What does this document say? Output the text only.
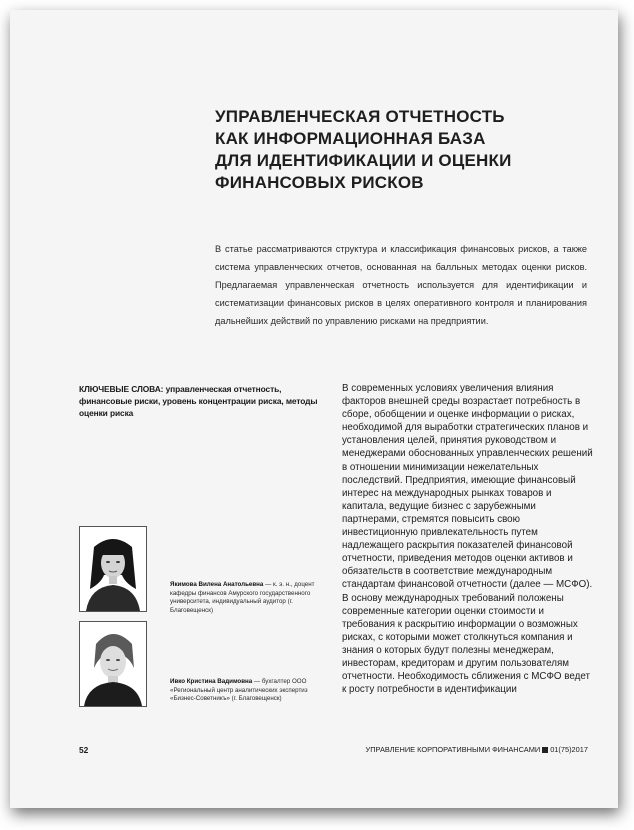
УПРАВЛЕНЧЕСКАЯ ОТЧЕТНОСТЬ
КАК ИНФОРМАЦИОННАЯ БАЗА
ДЛЯ ИДЕНТИФИКАЦИИ И ОЦЕНКИ
ФИНАНСОВЫХ РИСКОВ

В статье рассматриваются структура и классификация финансовых рисков, а также система управленческих отчетов, основанная на балльных методах оценки рисков. Предлагаемая управленческая отчетность используется для идентификации и систематизации финансовых рисков в целях оперативного контроля и планирования дальнейших действий по управлению рисками на предприятии.

КЛЮЧЕВЫЕ СЛОВА: управленческая отчетность, финансовые риски, уровень концентрации риска, методы оценки риска

В современных условиях увеличения влияния факторов внешней среды возрастает потребность в сборе, обобщении и оценке информации о рисках, необходимой для выработки стратегических планов и установления целей, принятия руководством и менеджерами обоснованных управленческих решений в отношении минимизации нежелательных последствий. Предприятия, имеющие финансовый интерес на международных рынках товаров и капитала, ведущие бизнес с зарубежными партнерами, стремятся повысить свою инвестиционную привлекательность путем надлежащего раскрытия показателей финансовой отчетности, приведения методов оценки активов и обязательств в соответствие международным стандартам финансовой отчетности (далее — МСФО).

В основу международных требований положены современные категории оценки стоимости и требования к раскрытию информации о возможных рисках, с которыми может столкнуться компания и знания о которых будут полезны менеджерам, инвесторам, кредиторам и другим пользователям отчетности. Необходимость сближения с МСФО ведет к росту потребности в идентификации

Якимова Вилена Анатольевна — к. э. н., доцент кафедры финансов Амурского государственного университета, индивидуальный аудитор (г. Благовещенск)

Ивко Кристина Вадимовна — бухгалтер ООО «Региональный центр аналитических экспертиз «Бизнес-Советникъ» (г. Благовещенск)

52	УПРАВЛЕНИЕ КОРПОРАТИВНЫМИ ФИНАНСАМИ 01(75)2017
